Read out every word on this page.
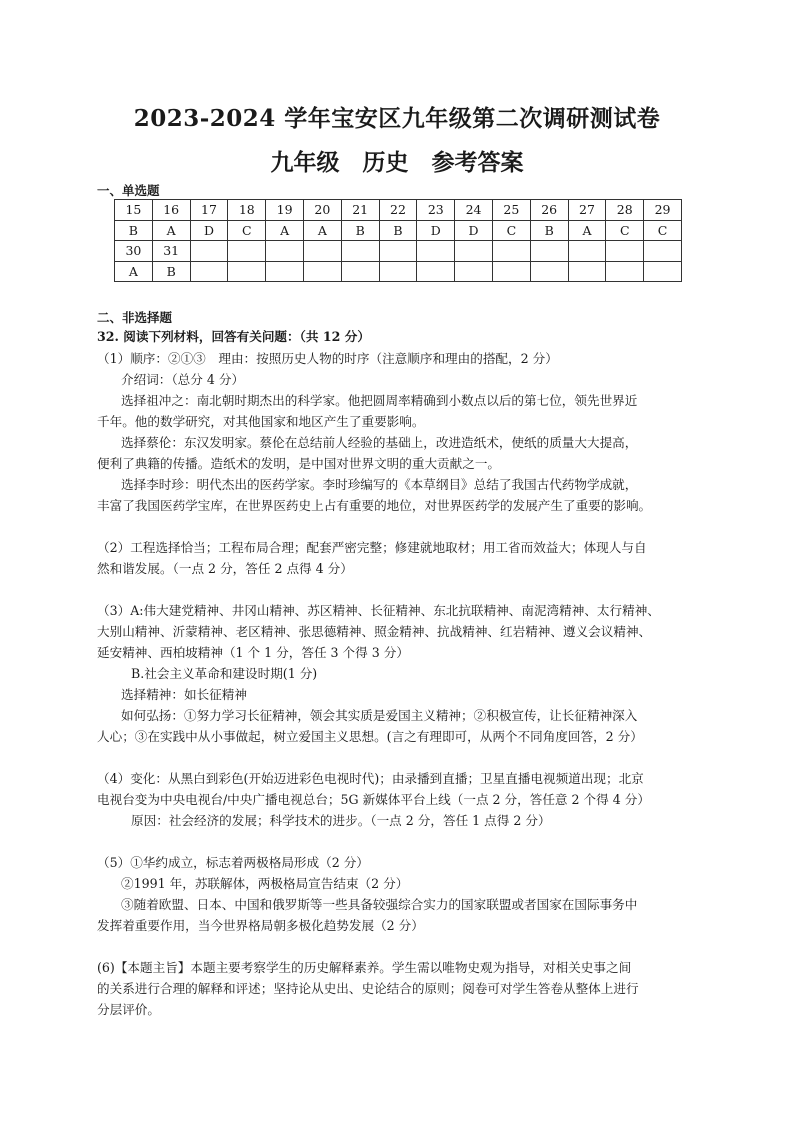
2023-2024 学年宝安区九年级第二次调研测试卷
九年级　历史　参考答案
一、单选题
15	16	17	18	19	20	21	22	23	24	25	26	27	28	29
B	A	D	C	A	A	B	B	D	D	C	B	A	C	C
30	31													
A	B													
二、非选择题
32. 阅读下列材料，回答有关问题：（共 12 分）
（1）顺序：②①③　理由：按照历史人物的时序（注意顺序和理由的搭配，2 分）
介绍词：（总分 4 分）
选择祖冲之：南北朝时期杰出的科学家。他把圆周率精确到小数点以后的第七位，领先世界近
千年。他的数学研究，对其他国家和地区产生了重要影响。
选择蔡伦：东汉发明家。蔡伦在总结前人经验的基础上，改进造纸术，使纸的质量大大提高，
便利了典籍的传播。造纸术的发明，是中国对世界文明的重大贡献之一。
选择李时珍：明代杰出的医药学家。李时珍编写的《本草纲目》总结了我国古代药物学成就，
丰富了我国医药学宝库，在世界医药史上占有重要的地位，对世界医药学的发展产生了重要的影响。
（2）工程选择恰当；工程布局合理；配套严密完整；修建就地取材；用工省而效益大；体现人与自
然和谐发展。（一点 2 分，答任 2 点得 4 分）
（3）A:伟大建党精神、井冈山精神、苏区精神、长征精神、东北抗联精神、南泥湾精神、太行精神、
大别山精神、沂蒙精神、老区精神、张思德精神、照金精神、抗战精神、红岩精神、遵义会议精神、
延安精神、西柏坡精神（1 个 1 分，答任 3 个得 3 分）
B.社会主义革命和建设时期(1 分)
选择精神：如长征精神
如何弘扬：①努力学习长征精神，领会其实质是爱国主义精神；②积极宣传，让长征精神深入
人心；③在实践中从小事做起，树立爱国主义思想。(言之有理即可，从两个不同角度回答，2 分）
（4）变化：从黑白到彩色(开始迈进彩色电视时代)；由录播到直播；卫星直播电视频道出现；北京
电视台变为中央电视台/中央广播电视总台；5G 新媒体平台上线（一点 2 分，答任意 2 个得 4 分）
原因：社会经济的发展；科学技术的进步。（一点 2 分，答任 1 点得 2 分）
（5）①华约成立，标志着两极格局形成（2 分）
②1991 年，苏联解体，两极格局宣告结束（2 分）
③随着欧盟、日本、中国和俄罗斯等一些具备较强综合实力的国家联盟或者国家在国际事务中
发挥着重要作用，当今世界格局朝多极化趋势发展（2 分）
(6)【本题主旨】本题主要考察学生的历史解释素养。学生需以唯物史观为指导，对相关史事之间
的关系进行合理的解释和评述；坚持论从史出、史论结合的原则；阅卷可对学生答卷从整体上进行
分层评价。
